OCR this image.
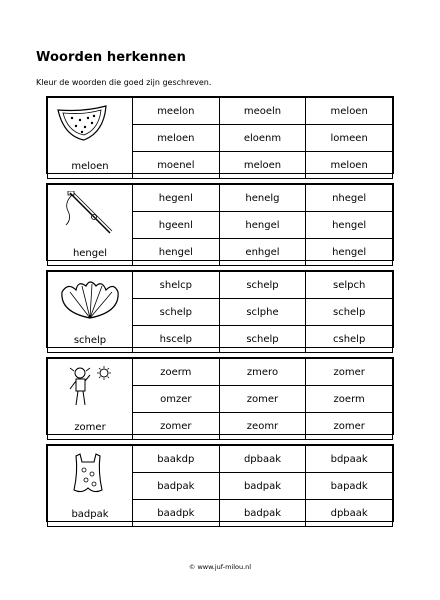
Woorden herkennen
Kleur de woorden die goed zijn geschreven.
meloen	meelon	meoeln	meloen
	meloen	eloenm	lomeen
	moenel	meloen	meloen
hengel	hegenl	henelg	nhegel
	hgeenl	hengel	hengel
	hengel	enhgel	hengel
schelp	shelcp	schelp	selpch
	schelp	sclphe	schelp
	hscelp	schelp	cshelp
zomer	zoerm	zmero	zomer
	omzer	zomer	zoerm
	zomer	zeomr	zomer
badpak	baakdp	dpbaak	bdpaak
	badpak	badpak	bapadk
	baadpk	badpak	dpbaak
© www.juf-milou.nl
